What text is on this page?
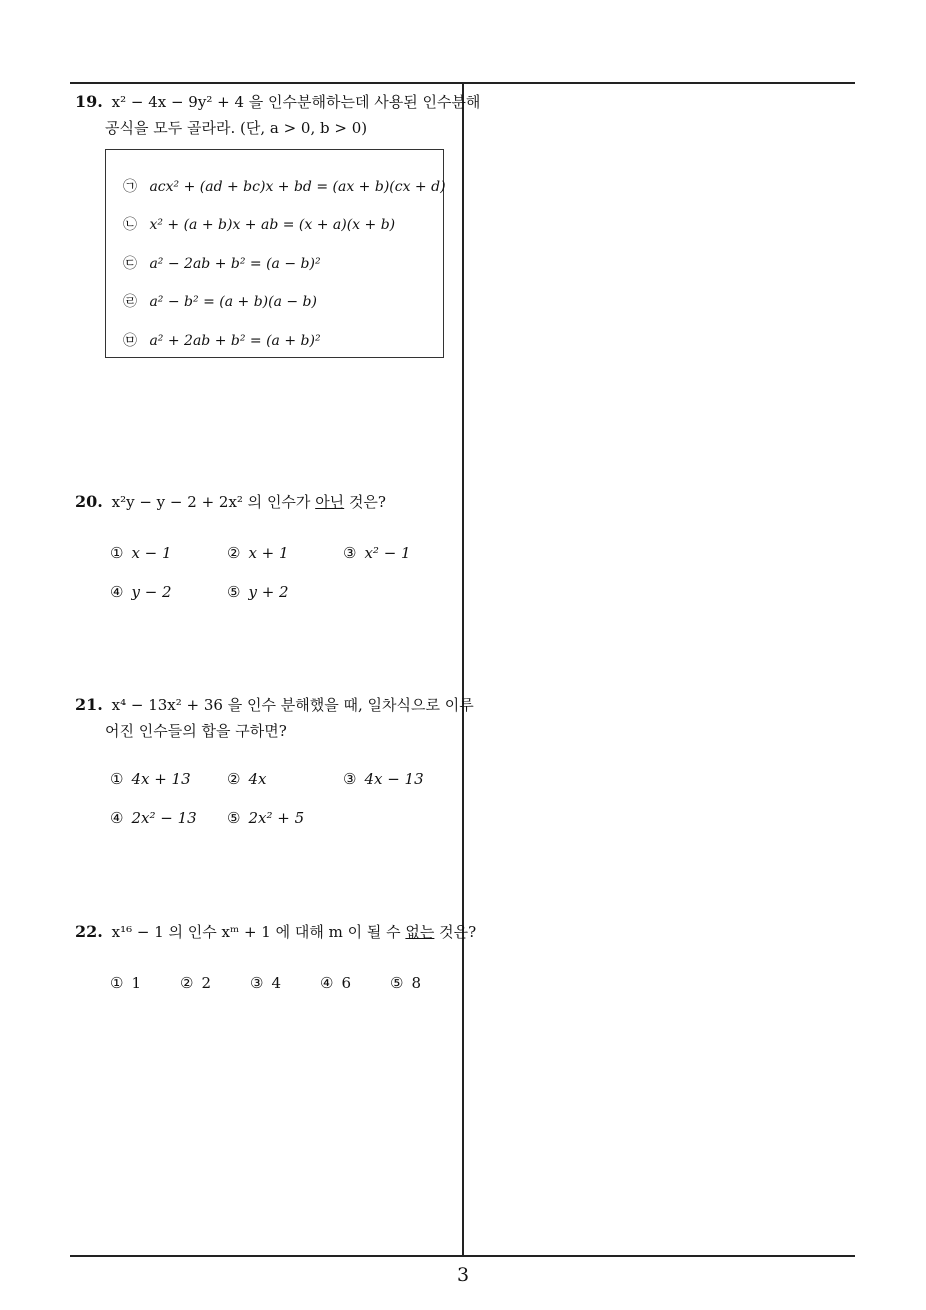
19. x² − 4x − 9y² + 4 을 인수분해하는데 사용된 인수분해
공식을 모두 골라라. (단, a > 0, b > 0)
㉠ acx² + (ad + bc)x + bd = (ax + b)(cx + d)
㉡ x² + (a + b)x + ab = (x + a)(x + b)
㉢ a² − 2ab + b² = (a − b)²
㉣ a² − b² = (a + b)(a − b)
㉤ a² + 2ab + b² = (a + b)²
20. x²y − y − 2 + 2x² 의 인수가 아닌 것은?
① x − 1	② x + 1	③ x² − 1
④ y − 2	⑤ y + 2
21. x⁴ − 13x² + 36 을 인수 분해했을 때, 일차식으로 이루
어진 인수들의 합을 구하면?
① 4x + 13 ② 4x	③ 4x − 13
④ 2x² − 13 ⑤ 2x² + 5
22. x¹⁶ − 1 의 인수 xᵐ + 1 에 대해 m 이 될 수 없는 것은?
① 1	② 2	③ 4	④ 6	⑤ 8
3
